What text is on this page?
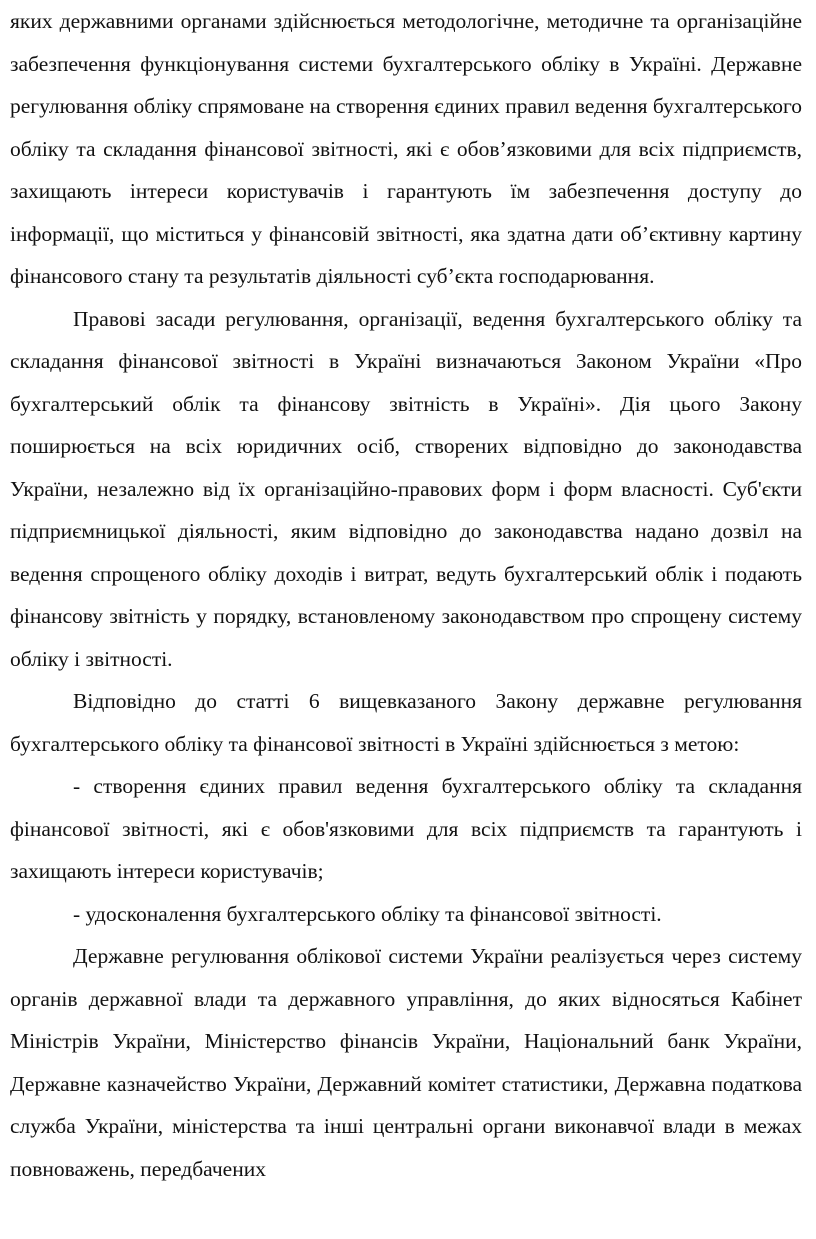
яких державними органами здійснюється методологічне, методичне та організаційне забезпечення функціонування системи бухгалтерського обліку в Україні. Державне регулювання обліку спрямоване на створення єдиних правил ведення бухгалтерського обліку та складання фінансової звітності, які є обов’язковими для всіх підприємств, захищають інтереси користувачів і гарантують їм забезпечення доступу до інформації, що міститься у фінансовій звітності, яка здатна дати об’єктивну картину фінансового стану та результатів діяльності суб’єкта господарювання.

Правові засади регулювання, організації, ведення бухгалтерського обліку та складання фінансової звітності в Україні визначаються Законом України «Про бухгалтерський облік та фінансову звітність в Україні». Дія цього Закону поширюється на всіх юридичних осіб, створених відповідно до законодавства України, незалежно від їх організаційно-правових форм і форм власності. Суб'єкти підприємницької діяльності, яким відповідно до законодавства надано дозвіл на ведення спрощеного обліку доходів і витрат, ведуть бухгалтерський облік і подають фінансову звітність у порядку, встановленому законодавством про спрощену систему обліку і звітності.

Відповідно до статті 6 вищевказаного Закону державне регулювання бухгалтерського обліку та фінансової звітності в Україні здійснюється з метою:

- створення єдиних правил ведення бухгалтерського обліку та складання фінансової звітності, які є обов'язковими для всіх підприємств та гарантують і захищають інтереси користувачів;

- удосконалення бухгалтерського обліку та фінансової звітності.

Державне регулювання облікової системи України реалізується через систему органів державної влади та державного управління, до яких відносяться Кабінет Міністрів України, Міністерство фінансів України, Національний банк України, Державне казначейство України, Державний комітет статистики, Державна податкова служба України, міністерства та інші центральні органи виконавчої влади в межах повноважень, передбачених
